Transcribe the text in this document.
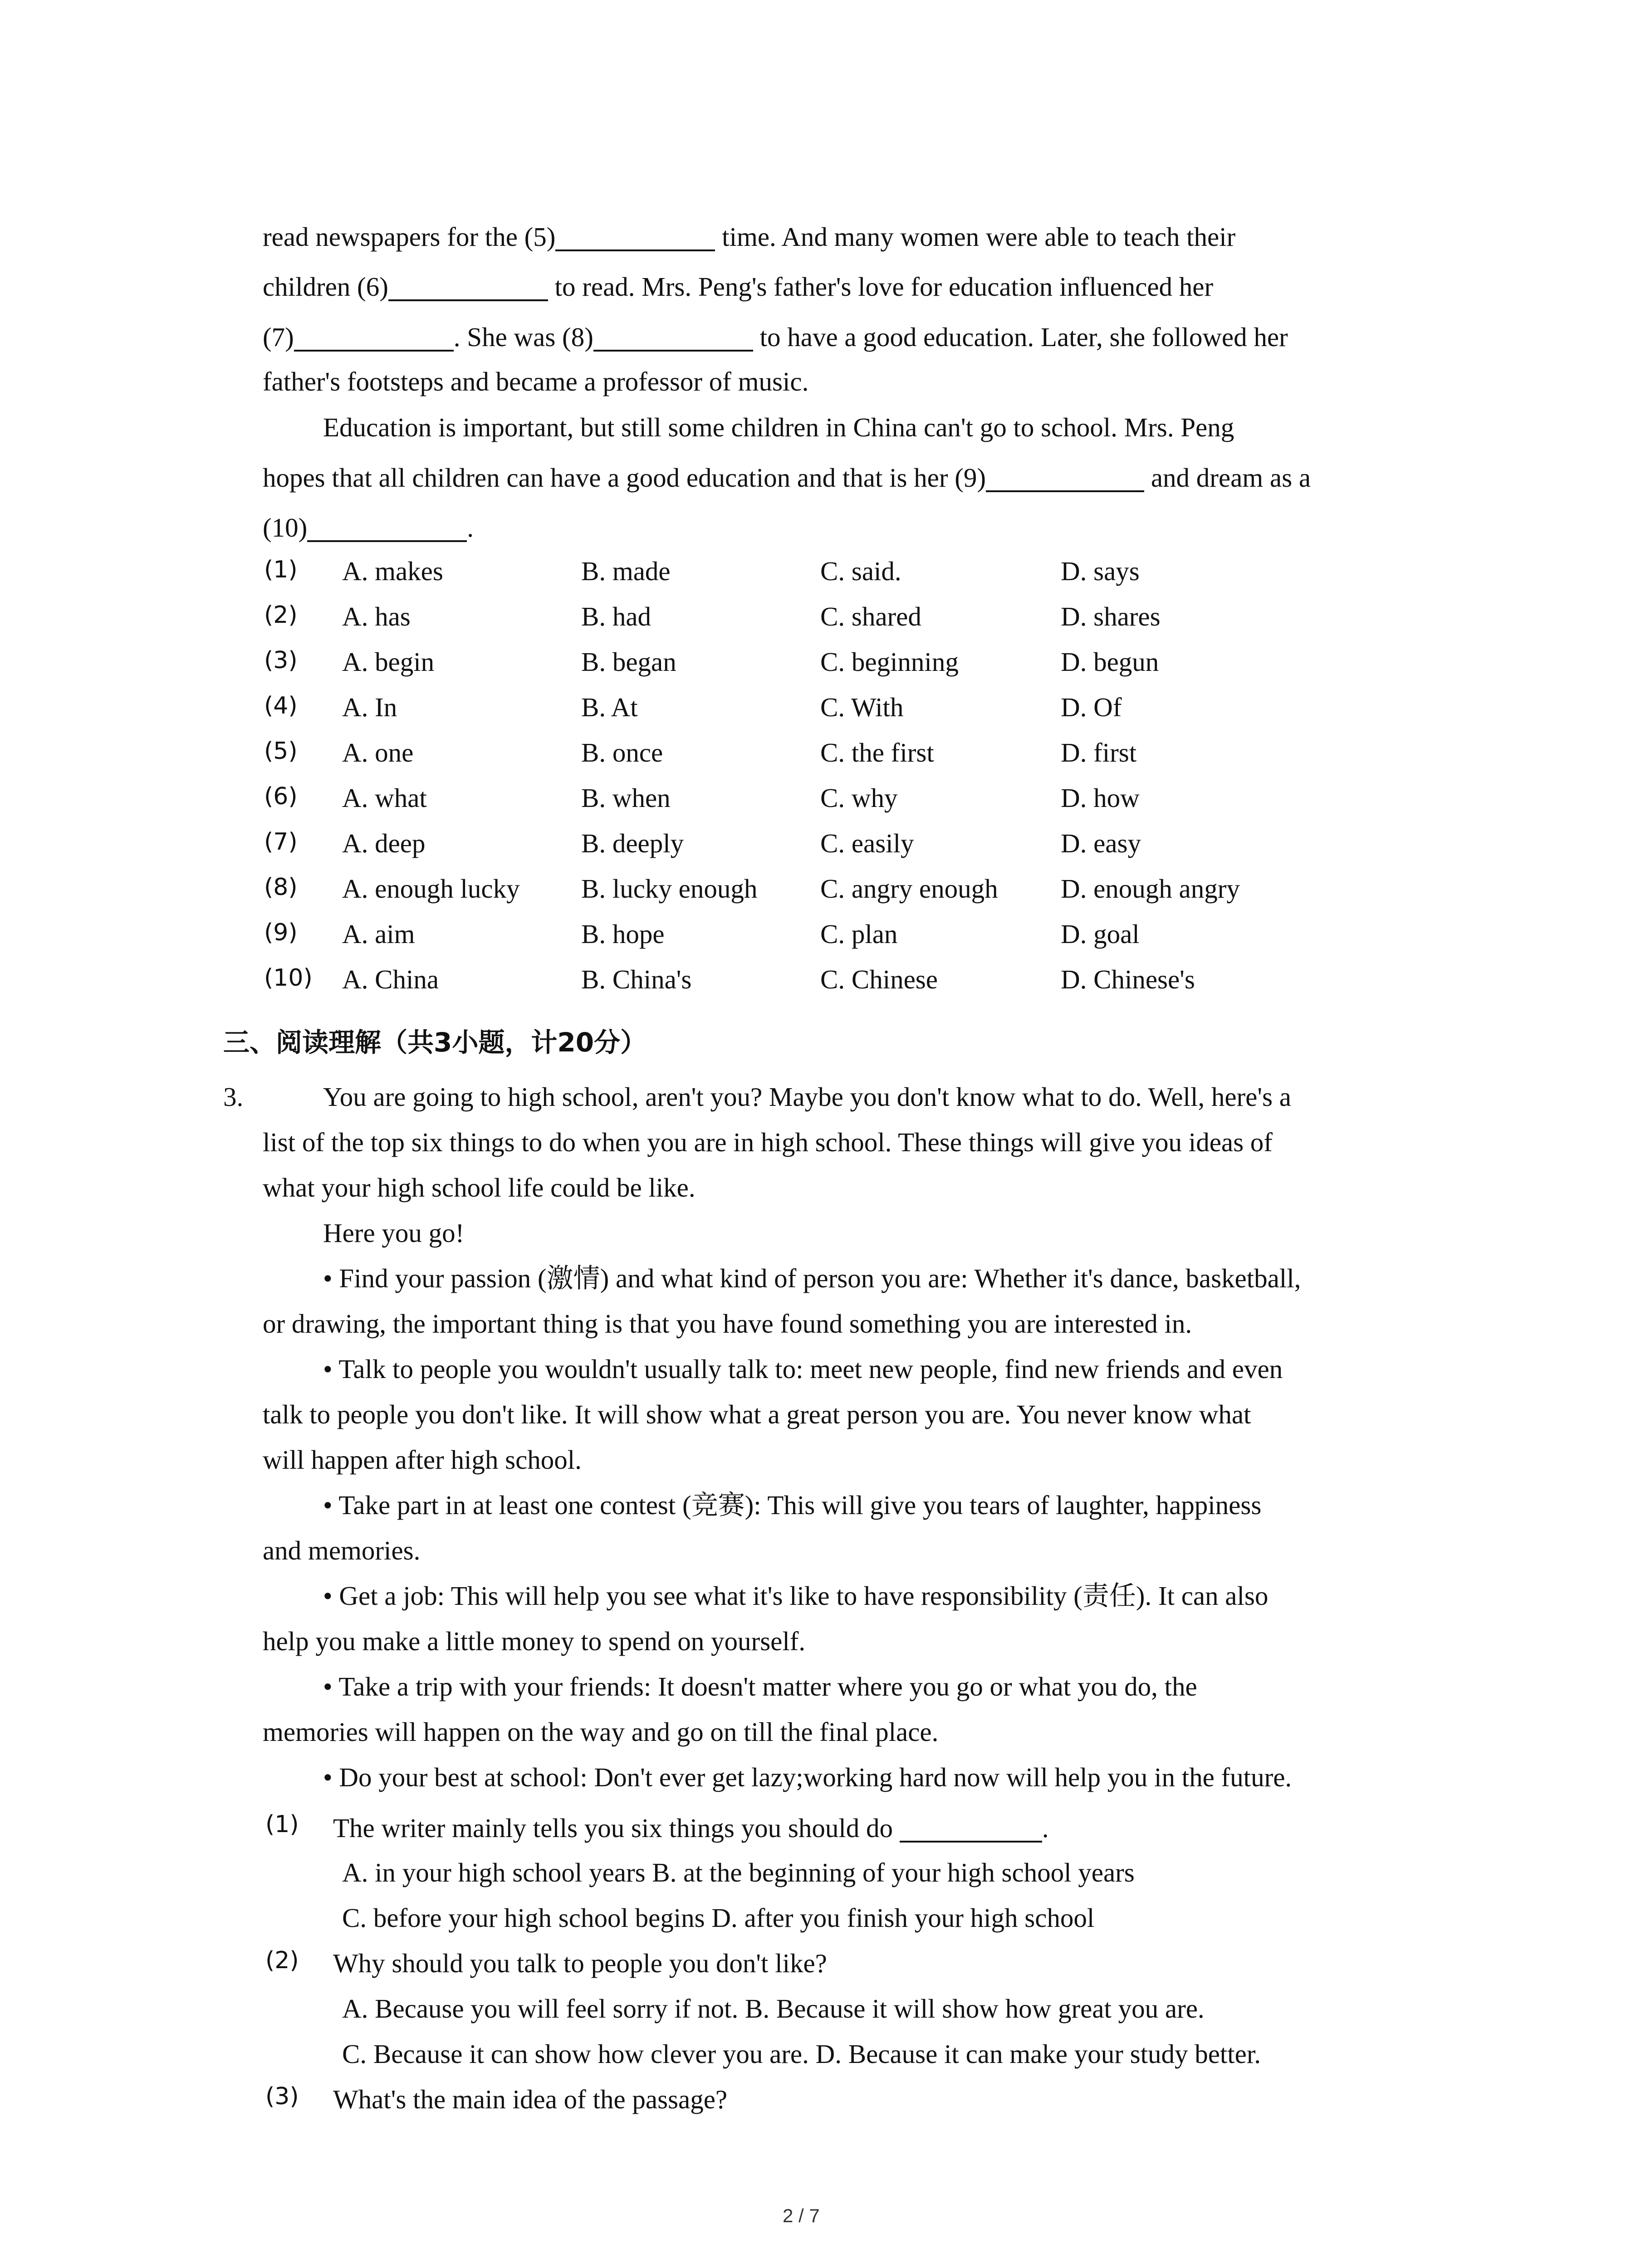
read newspapers for the (5)	time. And many women were able to teach their
children (6)	to read. Mrs. Peng's father's love for education influenced her
(7)	. She was (8)	to have a good education. Later, she followed her
father's footsteps and became a professor of music.
Education is important, but still some children in China can't go to school. Mrs. Peng
hopes that all children can have a good education and that is her (9)	and dream as a
(10)	.
(1) A. makes	B. made	C. said.	D. says
(2) A. has	B. had	C. shared	D. shares
(3) A. begin	B. began	C. beginning	D. begun
(4) A. In	B. At	C. With	D. Of
(5) A. one	B. once	C. the first	D. first
(6) A. what	B. when	C. why	D. how
(7) A. deep	B. deeply	C. easily	D. easy
(8) A. enough lucky B. lucky enough C. angry enough D. enough angry
(9) A. aim	B. hope	C. plan	D. goal
(10) A. China	B. China's	C. Chinese	D. Chinese's
三、阅读理解（共3小题，计20分）
3.	You are going to high school, aren't you? Maybe you don't know what to do. Well, here's a
list of the top six things to do when you are in high school. These things will give you ideas of
what your high school life could be like.
Here you go!
• Find your passion (激情) and what kind of person you are: Whether it's dance, basketball,
or drawing, the important thing is that you have found something you are interested in.
• Talk to people you wouldn't usually talk to: meet new people, find new friends and even
talk to people you don't like. It will show what a great person you are. You never know what
will happen after high school.
• Take part in at least one contest (竞赛): This will give you tears of laughter, happiness
and memories.
• Get a job: This will help you see what it's like to have responsibility (责任). It can also
help you make a little money to spend on yourself.
• Take a trip with your friends: It doesn't matter where you go or what you do, the
memories will happen on the way and go on till the final place.
• Do your best at school: Don't ever get lazy;working hard now will help you in the future.
(1) The writer mainly tells you six things you should do	.
A. in your high school years B. at the beginning of your high school years
C. before your high school begins D. after you finish your high school
(2) Why should you talk to people you don't like?
A. Because you will feel sorry if not. B. Because it will show how great you are.
C. Because it can show how clever you are. D. Because it can make your study better.
(3) What's the main idea of the passage?
2 / 7
